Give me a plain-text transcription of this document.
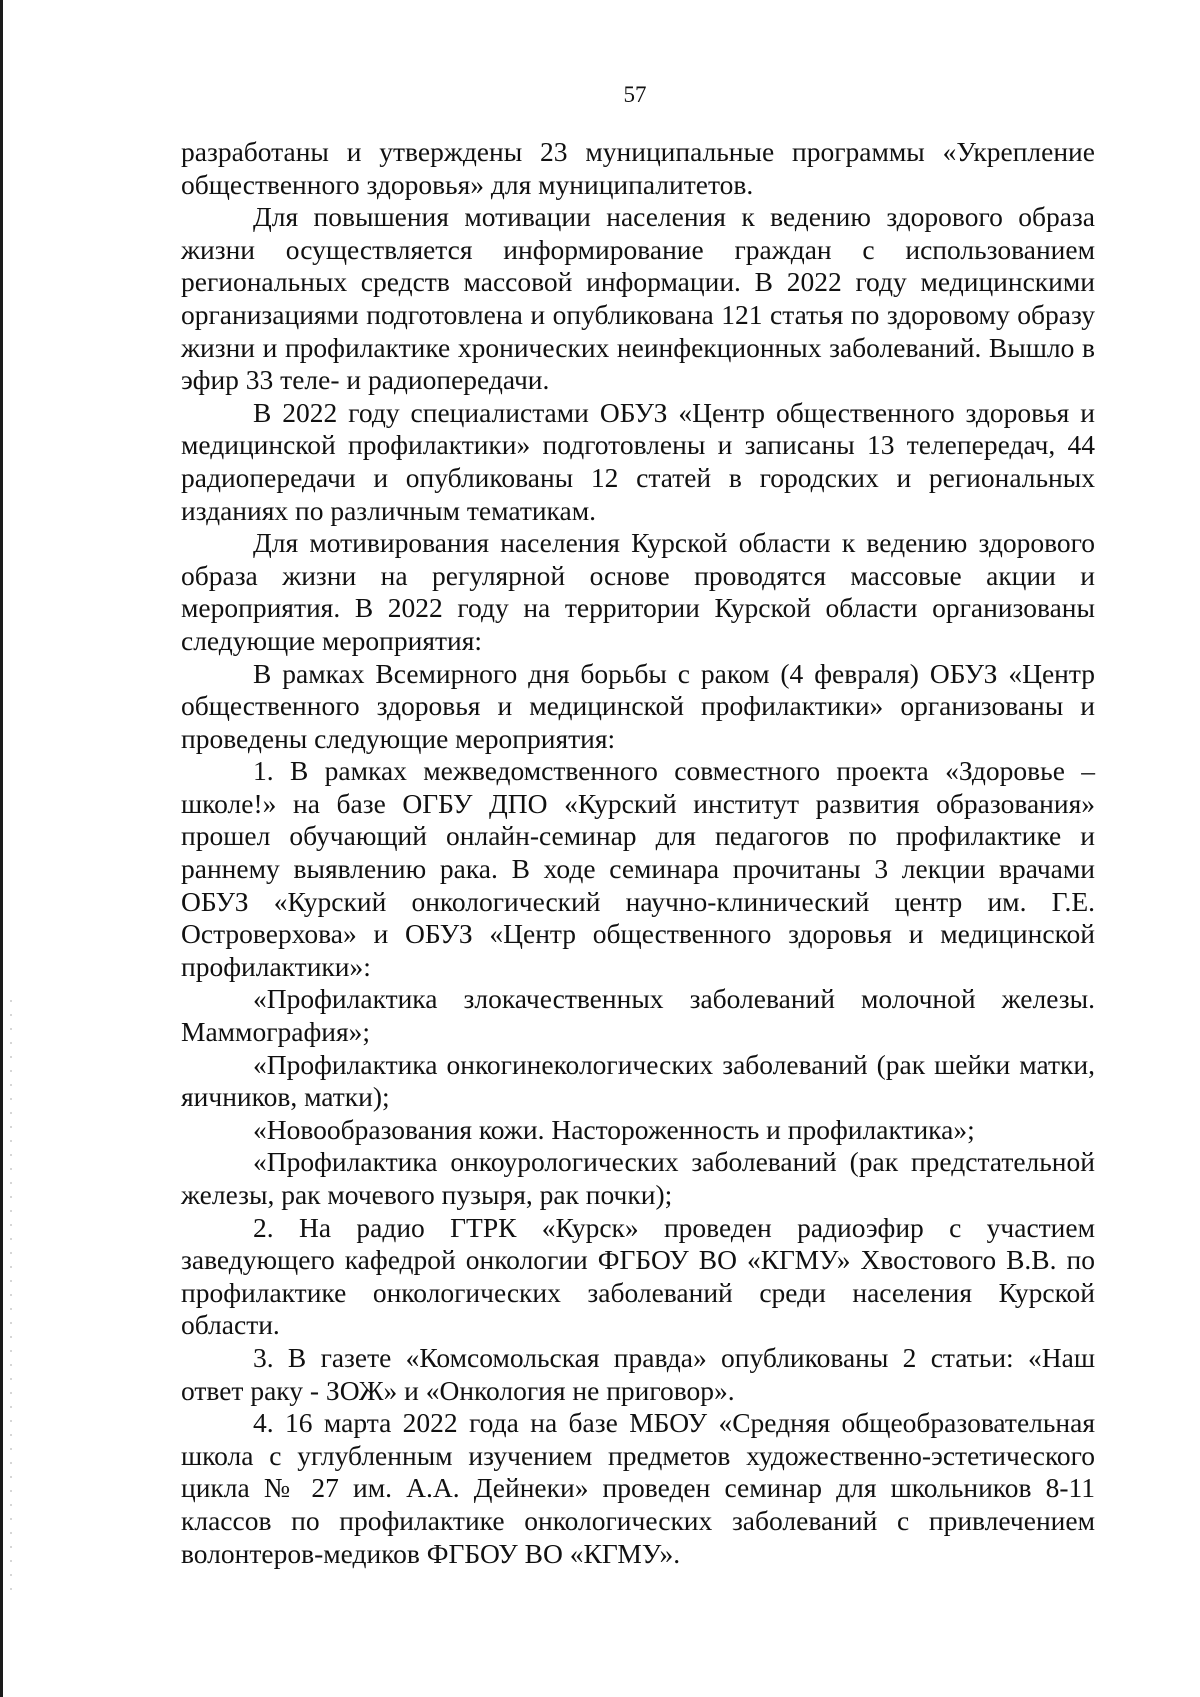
57

разработаны и утверждены 23 муниципальные программы «Укрепление общественного здоровья» для муниципалитетов.

Для повышения мотивации населения к ведению здорового образа жизни осуществляется информирование граждан с использованием региональных средств массовой информации. В 2022 году медицинскими организациями подготовлена и опубликована 121 статья по здоровому образу жизни и профилактике хронических неинфекционных заболеваний. Вышло в эфир 33 теле- и радиопередачи.

В 2022 году специалистами ОБУЗ «Центр общественного здоровья и медицинской профилактики» подготовлены и записаны 13 телепередач, 44 радиопередачи и опубликованы 12 статей в городских и региональных изданиях по различным тематикам.

Для мотивирования населения Курской области к ведению здорового образа жизни на регулярной основе проводятся массовые акции и мероприятия. В 2022 году на территории Курской области организованы следующие мероприятия:

В рамках Всемирного дня борьбы с раком (4 февраля) ОБУЗ «Центр общественного здоровья и медицинской профилактики» организованы и проведены следующие мероприятия:

1. В рамках межведомственного совместного проекта «Здоровье – школе!» на базе ОГБУ ДПО «Курский институт развития образования» прошел обучающий онлайн-семинар для педагогов по профилактике и раннему выявлению рака. В ходе семинара прочитаны 3 лекции врачами ОБУЗ «Курский онкологический научно-клинический центр им. Г.Е. Островерхова» и ОБУЗ «Центр общественного здоровья и медицинской профилактики»:

«Профилактика злокачественных заболеваний молочной железы. Маммография»;

«Профилактика онкогинекологических заболеваний (рак шейки матки, яичников, матки);

«Новообразования кожи. Настороженность и профилактика»;

«Профилактика онкоурологических заболеваний (рак предстательной железы, рак мочевого пузыря, рак почки);

2. На радио ГТРК «Курск» проведен радиоэфир с участием заведующего кафедрой онкологии ФГБОУ ВО «КГМУ» Хвостового В.В. по профилактике онкологических заболеваний среди населения Курской области.

3. В газете «Комсомольская правда» опубликованы 2 статьи: «Наш ответ раку - ЗОЖ» и «Онкология не приговор».

4. 16 марта 2022 года на базе МБОУ «Средняя общеобразовательная школа с углубленным изучением предметов художественно-эстетического цикла № 27 им. А.А. Дейнеки» проведен семинар для школьников 8-11 классов по профилактике онкологических заболеваний с привлечением волонтеров-медиков ФГБОУ ВО «КГМУ».
